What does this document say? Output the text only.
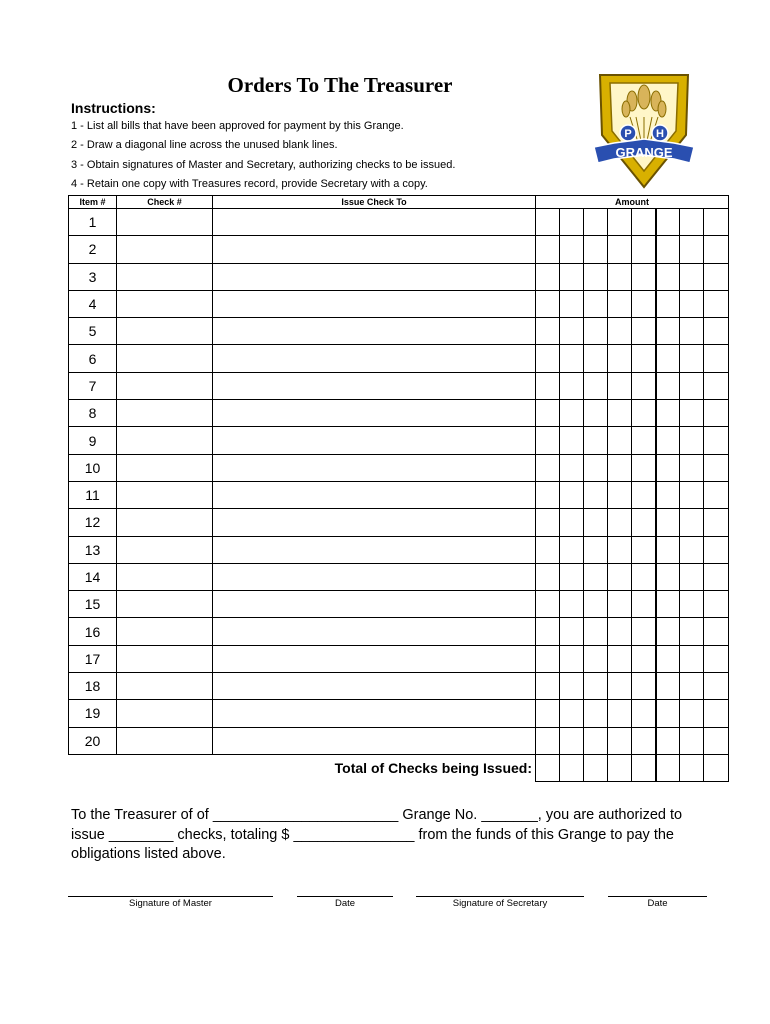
Orders To The Treasurer
Instructions:
1 - List all bills that have been approved for payment by this Grange.
2 - Draw a diagonal line across the unused blank lines.
3 - Obtain signatures of Master and Secretary, authorizing checks to be issued.
4 - Retain one copy with Treasures record, provide Secretary with a copy.
P H
GRANGE
Item #	Check #	Issue Check To	Amount							
1										
2										
3										
4										
5										
6										
7										
8										
9										
10										
11										
12										
13										
14										
15										
16										
17										
18										
19										
20										
Total of Checks being Issued:										
To the Treasurer of of _______________________ Grange No. _______, you are authorized to issue ________ checks, totaling $ _______________ from the funds of this Grange to pay the obligations listed above.
Signature of Master	Date	Signature of Secretary	Date
